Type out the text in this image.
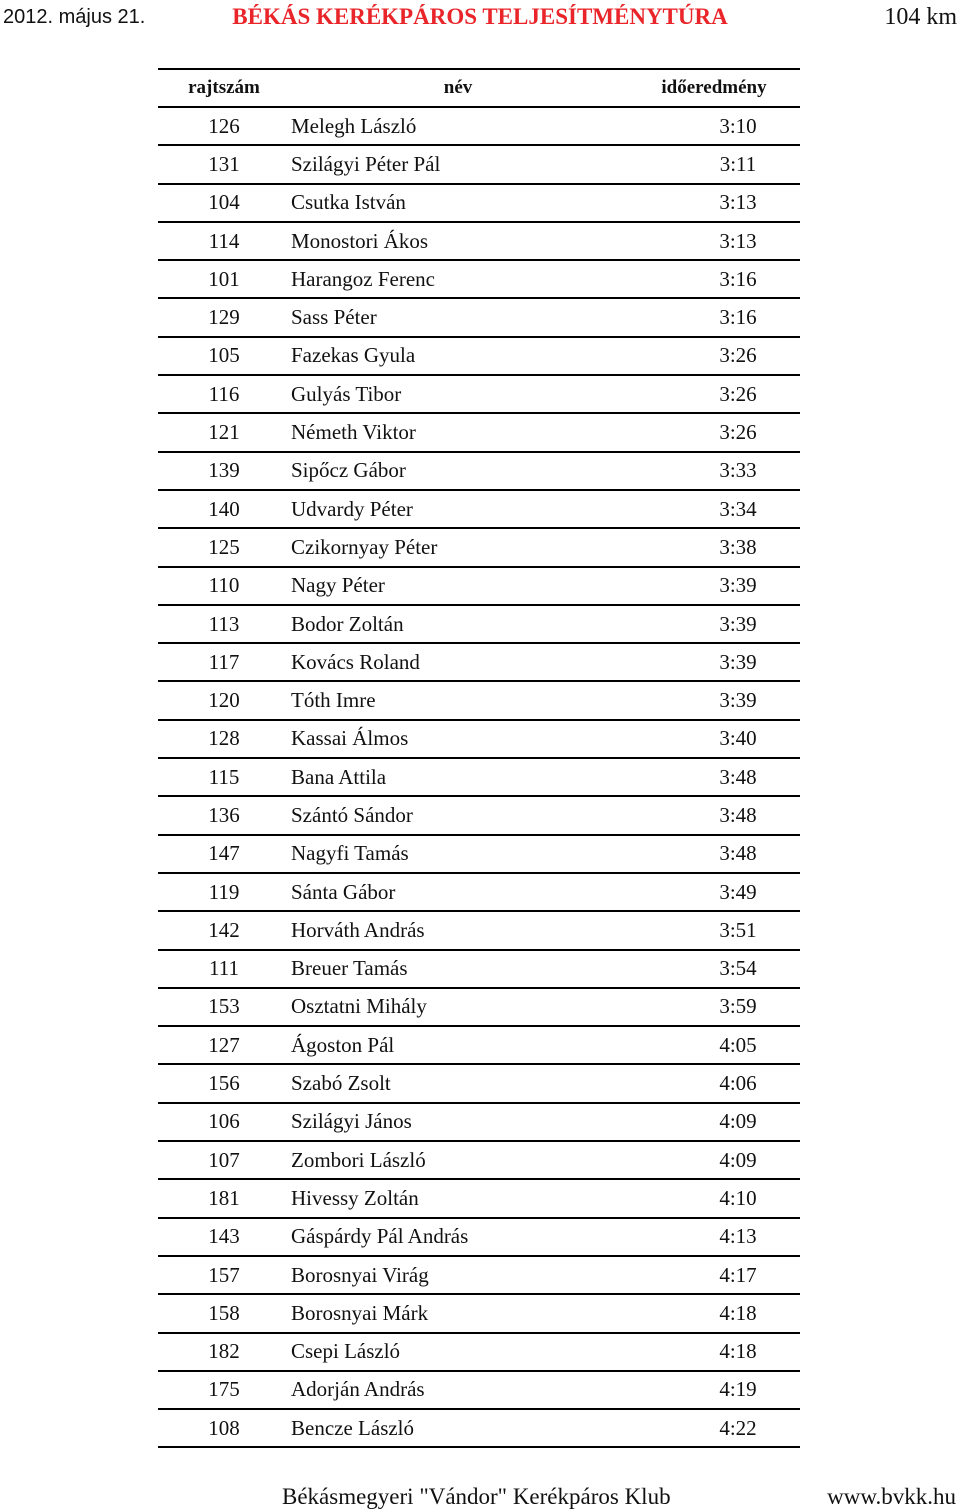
2012. május 21.	BÉKÁS KERÉKPÁROS TELJESÍTMÉNYTÚRA	104 km
rajtszám	név	időeredmény
126	Melegh László	3:10
131	Szilágyi Péter Pál	3:11
104	Csutka István	3:13
114	Monostori Ákos	3:13
101	Harangoz Ferenc	3:16
129	Sass Péter	3:16
105	Fazekas Gyula	3:26
116	Gulyás Tibor	3:26
121	Németh Viktor	3:26
139	Sipőcz Gábor	3:33
140	Udvardy Péter	3:34
125	Czikornyay Péter	3:38
110	Nagy Péter	3:39
113	Bodor Zoltán	3:39
117	Kovács Roland	3:39
120	Tóth Imre	3:39
128	Kassai Álmos	3:40
115	Bana Attila	3:48
136	Szántó Sándor	3:48
147	Nagyfi Tamás	3:48
119	Sánta Gábor	3:49
142	Horváth András	3:51
111	Breuer Tamás	3:54
153	Osztatni Mihály	3:59
127	Ágoston Pál	4:05
156	Szabó Zsolt	4:06
106	Szilágyi János	4:09
107	Zombori László	4:09
181	Hivessy Zoltán	4:10
143	Gáspárdy Pál András	4:13
157	Borosnyai Virág	4:17
158	Borosnyai Márk	4:18
182	Csepi László	4:18
175	Adorján András	4:19
108	Bencze László	4:22
Békásmegyeri "Vándor" Kerékpáros Klub	www.bvkk.hu
